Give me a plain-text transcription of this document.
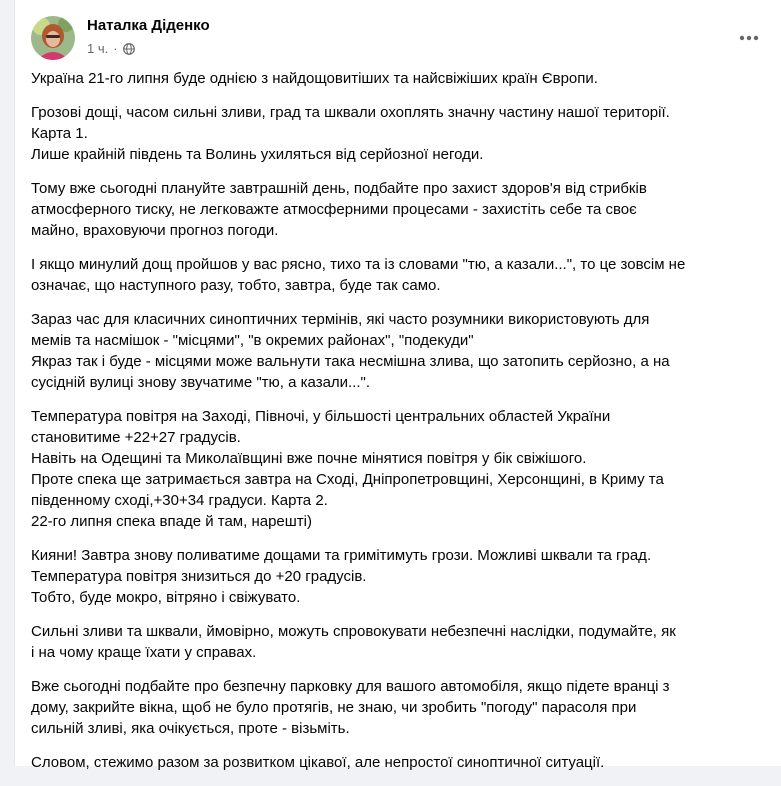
Наталка Діденко
1 ч. ·

Україна 21-го липня буде однією з найдощовитіших та найсвіжіших країн Європи.

Грозові дощі, часом сильні зливи, град та шквали охоплять значну частину нашої території.
Карта 1.
Лише крайній південь та Волинь ухиляться від серйозної негоди.

Тому вже сьогодні плануйте завтрашній день, подбайте про захист здоров'я від стрибків
атмосферного тиску, не легковажте атмосферними процесами - захистіть себе та своє
майно, враховуючи прогноз погоди.

І якщо минулий дощ пройшов у вас рясно, тихо та із словами "тю, а казали...", то це зовсім не
означає, що наступного разу, тобто, завтра, буде так само.

Зараз час для класичних синоптичних термінів, які часто розумники використовують для
мемів та насмішок - "місцями", "в окремих районах", "подекуди"
Якраз так і буде - місцями може вальнути така несмішна злива, що затопить серйозно, а на
сусідній вулиці знову звучатиме "тю, а казали...".

Температура повітря на Заході, Півночі, у більшості центральних областей України
становитиме +22+27 градусів.
Навіть на Одещині та Миколаївщині вже почне мінятися повітря у бік свіжішого.
Проте спека ще затримається завтра на Сході, Дніпропетровщині, Херсонщині, в Криму та
південному сході,+30+34 градуси. Карта 2.
22-го липня спека впаде й там, нарешті)

Кияни! Завтра знову поливатиме дощами та гримітимуть грози. Можливі шквали та град.
Температура повітря знизиться до +20 градусів.
Тобто, буде мокро, вітряно і свіжувато.

Сильні зливи та шквали, ймовірно, можуть спровокувати небезпечні наслідки, подумайте, як
і на чому краще їхати у справах.

Вже сьогодні подбайте про безпечну парковку для вашого автомобіля, якщо підете вранці з
дому, закрийте вікна, щоб не було протягів, не знаю, чи зробить "погоду" парасоля при
сильній зливі, яка очікується, проте - візьміть.

Словом, стежимо разом за розвитком цікавої, але непростої синоптичної ситуації.
